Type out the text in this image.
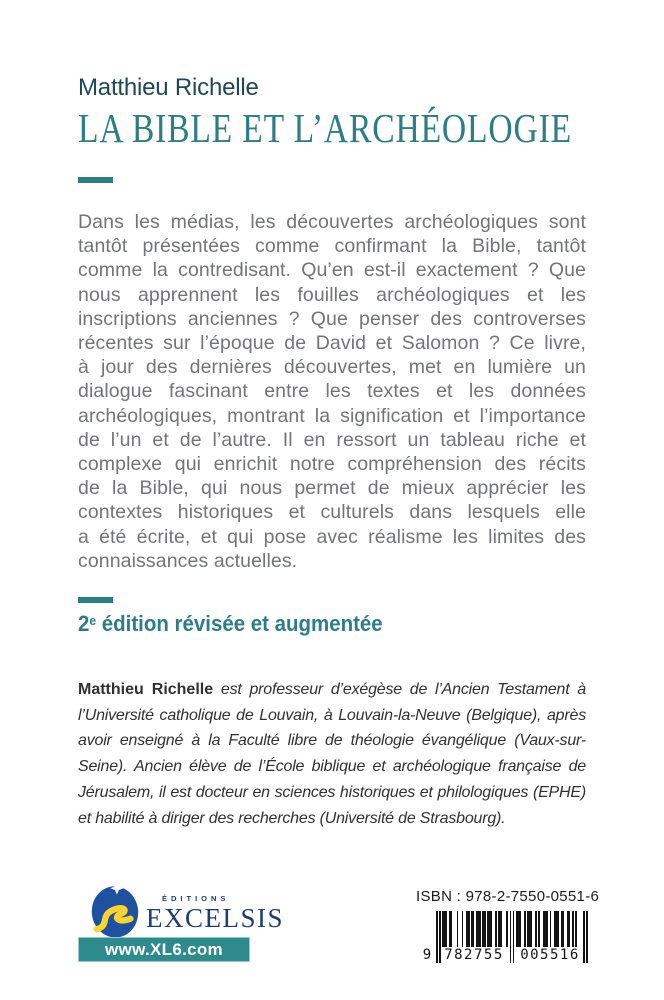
Matthieu Richelle
LA BIBLE ET L’ARCHÉOLOGIE
Dans les médias, les découvertes archéologiques sont
tantôt présentées comme confirmant la Bible, tantôt
comme la contredisant. Qu’en est-il exactement ? Que
nous apprennent les fouilles archéologiques et les
inscriptions anciennes ? Que penser des controverses
récentes sur l’époque de David et Salomon ? Ce livre,
à jour des dernières découvertes, met en lumière un
dialogue fascinant entre les textes et les données
archéologiques, montrant la signification et l’importance
de l’un et de l’autre. Il en ressort un tableau riche et
complexe qui enrichit notre compréhension des récits
de la Bible, qui nous permet de mieux apprécier les
contextes historiques et culturels dans lesquels elle
a été écrite, et qui pose avec réalisme les limites des
connaissances actuelles.
2e édition révisée et augmentée
Matthieu Richelle est professeur d’exégèse de l’Ancien Testament à
l’Université catholique de Louvain, à Louvain-la-Neuve (Belgique), après
avoir enseigné à la Faculté libre de théologie évangélique (Vaux-sur-
Seine). Ancien élève de l’École biblique et archéologique française de
Jérusalem, il est docteur en sciences historiques et philologiques (EPHE)
et habilité à diriger des recherches (Université de Strasbourg).
ÉDITIONS
EXCELSIS
www.XL6.com
ISBN : 978-2-7550-0551-6
9 782755 005516
